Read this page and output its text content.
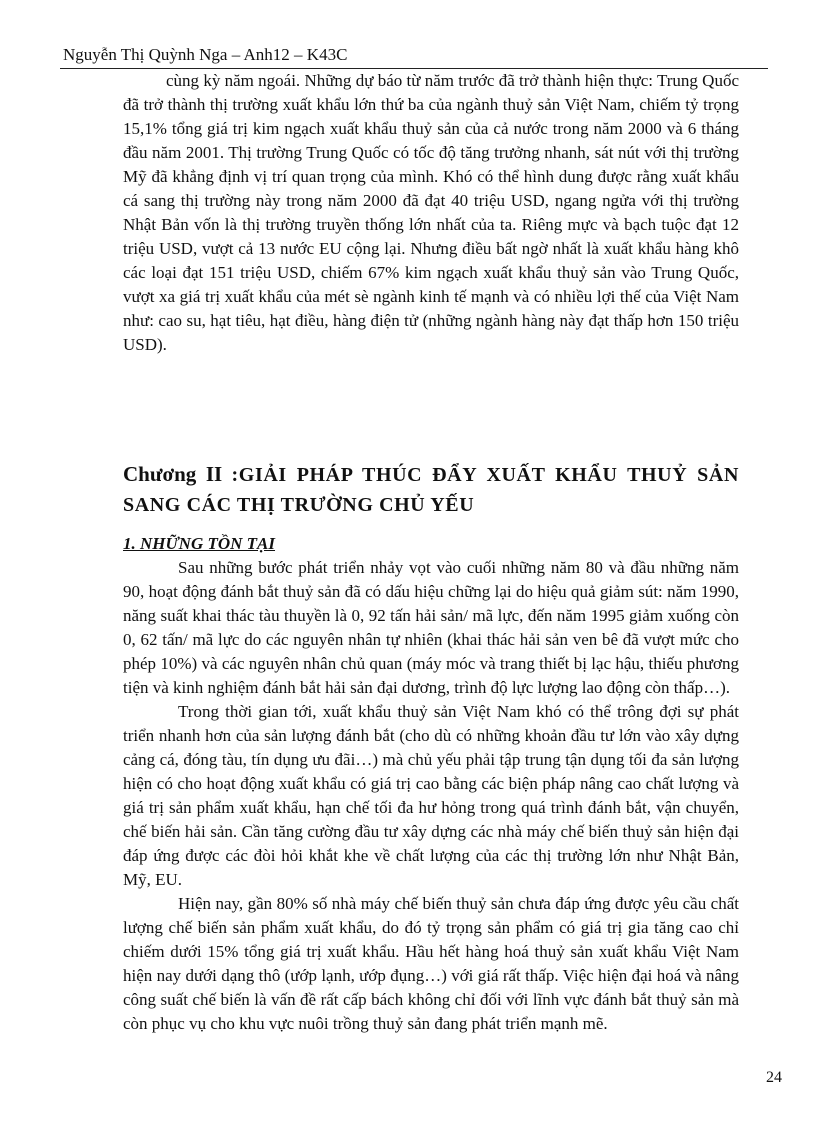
Nguyễn Thị Quỳnh Nga – Anh12 – K43C

cùng kỳ năm ngoái. Những dự báo từ năm trước đã trở thành hiện thực: Trung Quốc đã trở thành thị trường xuất khẩu lớn thứ ba của ngành thuỷ sản Việt Nam, chiếm tỷ trọng 15,1% tổng giá trị kim ngạch xuất khẩu thuỷ sản của cả nước trong năm 2000 và 6 tháng đầu năm 2001. Thị trường Trung Quốc có tốc độ tăng trưởng nhanh, sát nút với thị trường Mỹ đã khẳng định vị trí quan trọng của mình. Khó có thể hình dung được rằng xuất khẩu cá sang thị trường này trong năm 2000 đã đạt 40 triệu USD, ngang ngửa với thị trường Nhật Bản vốn là thị trường truyền thống lớn nhất của ta. Riêng mực và bạch tuộc đạt 12 triệu USD, vượt cả 13 nước EU cộng lại. Nhưng điều bất ngờ nhất là xuất khẩu hàng khô các loại đạt 151 triệu USD, chiếm 67% kim ngạch xuất khẩu thuỷ sản vào Trung Quốc, vượt xa giá trị xuất khẩu của mét sè ngành kinh tế mạnh và có nhiều lợi thế của Việt Nam như: cao su, hạt tiêu, hạt điều, hàng điện tử (những ngành hàng này đạt thấp hơn 150 triệu USD).

Chương II :GIẢI PHÁP THÚC ĐẨY XUẤT KHẨU THUỶ SẢN SANG CÁC THỊ TRƯỜNG CHỦ YẾU
1. NHỮNG TỒN TẠI

Sau những bước phát triển nhảy vọt vào cuối những năm 80 và đầu những năm 90, hoạt động đánh bắt thuỷ sản đã có dấu hiệu chững lại do hiệu quả giảm sút: năm 1990, năng suất khai thác tàu thuyền là 0, 92 tấn hải sản/ mã lực, đến năm 1995 giảm xuống còn 0, 62 tấn/ mã lực do các nguyên nhân tự nhiên (khai thác hải sản ven bê đã vượt mức cho phép 10%) và các nguyên nhân chủ quan (máy móc và trang thiết bị lạc hậu, thiếu phương tiện và kinh nghiệm đánh bắt hải sản đại dương, trình độ lực lượng lao động còn thấp…).

Trong thời gian tới, xuất khẩu thuỷ sản Việt Nam khó có thể trông đợi sự phát triển nhanh hơn của sản lượng đánh bắt (cho dù có những khoản đầu tư lớn vào xây dựng cảng cá, đóng tàu, tín dụng ưu đãi…) mà chủ yếu phải tập trung tận dụng tối đa sản lượng hiện có cho hoạt động xuất khẩu có giá trị cao bằng các biện pháp nâng cao chất lượng và giá trị sản phẩm xuất khẩu, hạn chế tối đa hư hỏng trong quá trình đánh bắt, vận chuyển, chế biến hải sản. Cần tăng cường đầu tư xây dựng các nhà máy chế biến thuỷ sản hiện đại đáp ứng được các đòi hỏi khắt khe về chất lượng của các thị trường lớn như Nhật Bản, Mỹ, EU.

Hiện nay, gần 80% số nhà máy chế biến thuỷ sản chưa đáp ứng được yêu cầu chất lượng chế biến sản phẩm xuất khẩu, do đó tỷ trọng sản phẩm có giá trị gia tăng cao chỉ chiếm dưới 15% tổng giá trị xuất khẩu. Hầu hết hàng hoá thuỷ sản xuất khẩu Việt Nam hiện nay dưới dạng thô (ướp lạnh, ướp đụng…) với giá rất thấp. Việc hiện đại hoá và nâng công suất chế biến là vấn đề rất cấp bách không chỉ đối với lĩnh vực đánh bắt thuỷ sản mà còn phục vụ cho khu vực nuôi trồng thuỷ sản đang phát triển mạnh mẽ.

24
